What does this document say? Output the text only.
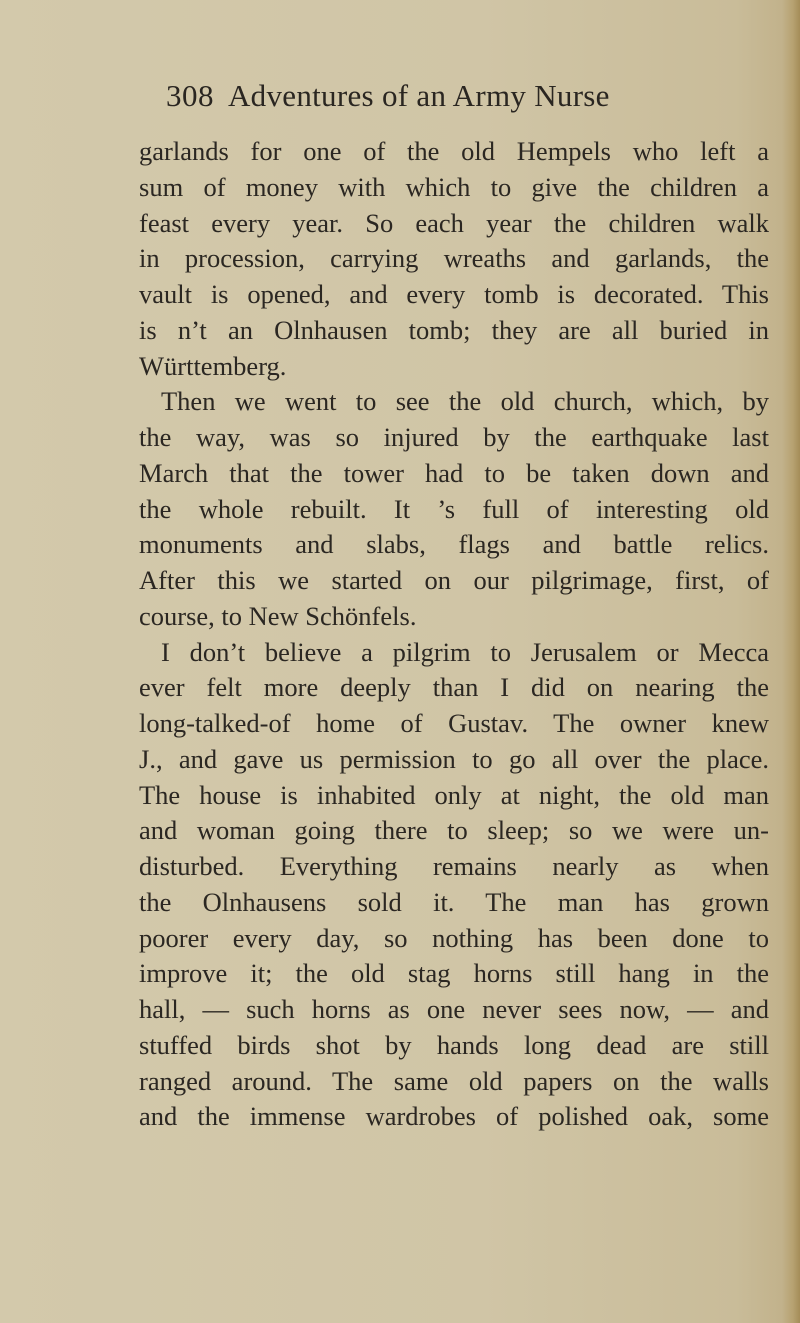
308 Adventures of an Army Nurse
garlands for one of the old Hempels who left a
sum of money with which to give the children a
feast every year. So each year the children walk
in procession, carrying wreaths and garlands, the
vault is opened, and every tomb is decorated. This
is n’t an Olnhausen tomb; they are all buried in
Württemberg.
Then we went to see the old church, which, by
the way, was so injured by the earthquake last
March that the tower had to be taken down and
the whole rebuilt. It ’s full of interesting old
monuments and slabs, flags and battle relics.
After this we started on our pilgrimage, first, of
course, to New Schönfels.
I don’t believe a pilgrim to Jerusalem or Mecca
ever felt more deeply than I did on nearing the
long-talked-of home of Gustav. The owner knew
J., and gave us permission to go all over the place.
The house is inhabited only at night, the old man
and woman going there to sleep; so we were un-
disturbed. Everything remains nearly as when
the Olnhausens sold it. The man has grown
poorer every day, so nothing has been done to
improve it; the old stag horns still hang in the
hall, — such horns as one never sees now, — and
stuffed birds shot by hands long dead are still
ranged around. The same old papers on the walls
and the immense wardrobes of polished oak, some
